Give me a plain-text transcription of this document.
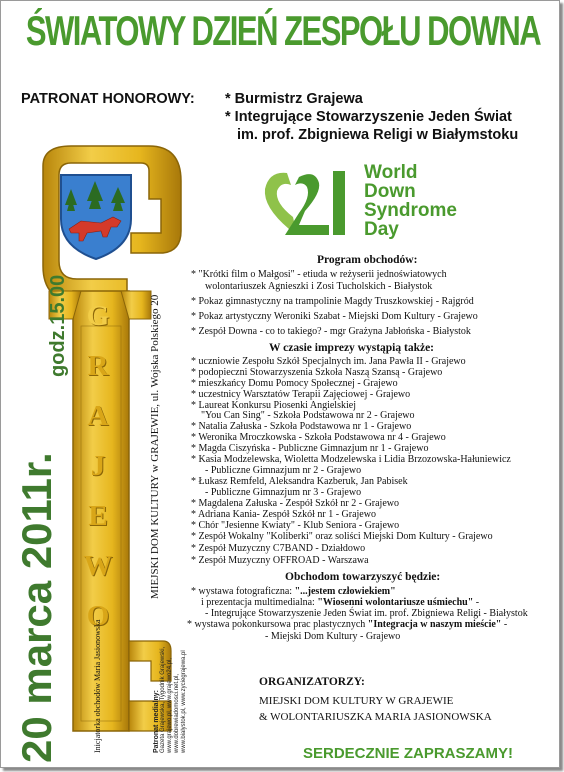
ŚWIATOWY DZIEŃ ZESPOŁU DOWNA
PATRONAT HONOROWY: * Burmistrz Grajewa
* Integrujące Stowarzyszenie Jeden Świat
im. prof. Zbigniewa Religi w Białymstoku
G
R
A
J
E
W
O
20 marca 2011r.
godz.15.00	MIEJSKI DOM KULTURY w GRAJEWIE, ul. Wojska Polskiego 20
Inicjatorka obchodów Maria Jasionowska	Patronat medialny: Gazeta Grajewska, Tygodnik Grajewski, www.grajewo.pl, www.grajewo24.pl, www.dobrewiadomosci.net.pl, www.bialystok.pl, www.zyciegrajewa.pl
World
Down
Syndrome
Day
Program obchodów:
* "Krótki film o Małgosi" - etiuda w reżyserii jednoświatowych
wolontariuszek Agnieszki i Zosi Tucholskich - Białystok
* Pokaz gimnastyczny na trampolinie Magdy Truszkowskiej - Rajgród
* Pokaz artystyczny Weroniki Szabat - Miejski Dom Kultury - Grajewo
* Zespół Downa - co to takiego? - mgr Grażyna Jabłońska - Białystok
W czasie imprezy wystąpią także:
* uczniowie Zespołu Szkół Specjalnych im. Jana Pawła II - Grajewo
* podopieczni Stowarzyszenia Szkoła Naszą Szansą - Grajewo
* mieszkańcy Domu Pomocy Społecznej - Grajewo
* uczestnicy Warsztatów Terapii Zajęciowej - Grajewo
* Laureat Konkursu Piosenki Angielskiej
"You Can Sing" - Szkoła Podstawowa nr 2 - Grajewo
* Natalia Załuska - Szkoła Podstawowa nr 1 - Grajewo
* Weronika Mroczkowska - Szkoła Podstawowa nr 4 - Grajewo
* Magda Ciszyńska - Publiczne Gimnazjum nr 1 - Grajewo
* Kasia Modzelewska, Wioletta Modzelewska i Lidia Brzozowska-Hałuniewicz
- Publiczne Gimnazjum nr 2 - Grajewo
* Łukasz Remfeld, Aleksandra Kazberuk, Jan Pabisek
- Publiczne Gimnazjum nr 3 - Grajewo
* Magdalena Załuska - Zespół Szkół nr 2 - Grajewo
* Adriana Kania- Zespół Szkół nr 1 - Grajewo
* Chór "Jesienne Kwiaty" - Klub Seniora - Grajewo
* Zespół Wokalny "Koliberki" oraz soliści Miejski Dom Kultury - Grajewo
* Zespół Muzyczny C7BAND - Działdowo
* Zespół Muzyczny OFFROAD - Warszawa
Obchodom towarzyszyć będzie:
* wystawa fotograficzna: "...jestem człowiekiem"
i prezentacja multimedialna: "Wiosenni wolontariusze uśmiechu" -
- Integrujące Stowarzyszenie Jeden Świat im. prof. Zbigniewa Religi - Białystok
* wystawa pokonkursowa prac plastycznych "Integracja w naszym mieście" -
- Miejski Dom Kultury - Grajewo
ORGANIZATORZY:
MIEJSKI DOM KULTURY W GRAJEWIE
& WOLONTARIUSZKA MARIA JASIONOWSKA
SERDECZNIE ZAPRASZAMY!
